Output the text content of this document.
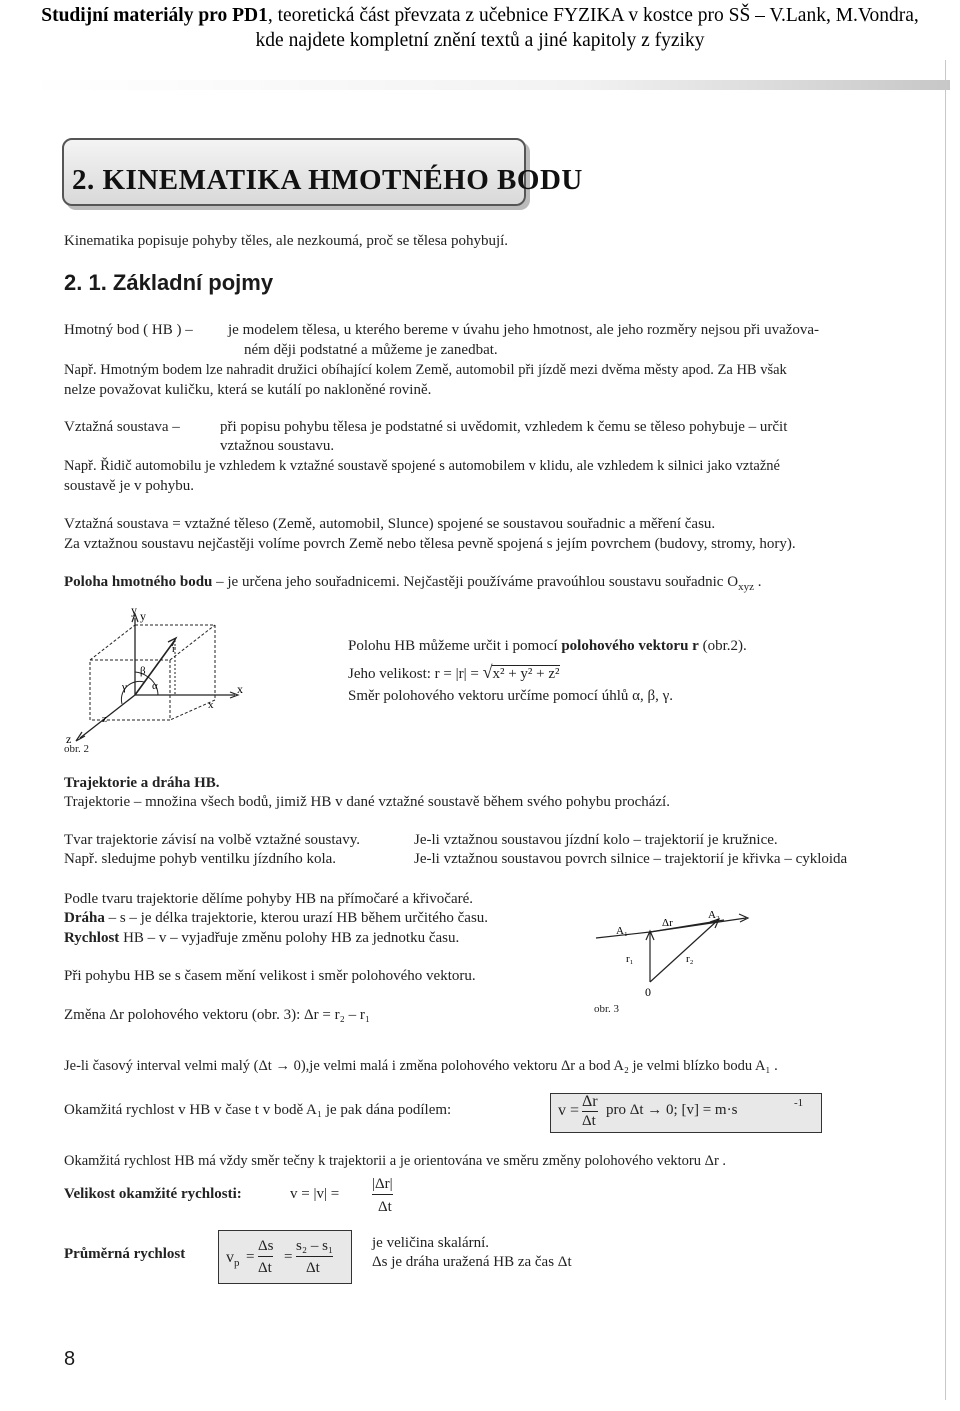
Studijní materiály pro PD1, teoretická část převzata z učebnice FYZIKA v kostce pro SŠ – V.Lank, M.Vondra,
kde najdete kompletní znění textů a jiné kapitoly z fyziky
2. KINEMATIKA HMOTNÉHO BODU
Kinematika popisuje pohyby těles, ale nezkoumá, proč se tělesa pohybují.
2. 1. Základní pojmy
Hmotný bod ( HB ) – je modelem tělesa, u kterého bereme v úvahu jeho hmotnost, ale jeho rozměry nejsou při uvažova-
ném ději podstatné a můžeme je zanedbat.
Např. Hmotným bodem lze nahradit družici obíhající kolem Země, automobil při jízdě mezi dvěma městy apod. Za HB však
nelze považovat kuličku, která se kutálí po nakloněné rovině.
Vztažná soustava –	při popisu pohybu tělesa je podstatné si uvědomit, vzhledem k čemu se těleso pohybuje – určit
vztažnou soustavu.
Např. Řidič automobilu je vzhledem k vztažné soustavě spojené s automobilem v klidu, ale vzhledem k silnici jako vztažné
soustavě je v pohybu.
Vztažná soustava = vztažné těleso (Země, automobil, Slunce) spojené se soustavou souřadnic a měření času.
Za vztažnou soustavu nejčastěji volíme povrch Země nebo tělesa pevně spojená s jejím povrchem (budovy, stromy, hory).
Poloha hmotného bodu – je určena jeho souřadnicemi. Nejčastěji používáme pravoúhlou soustavu souřadnic $O_{xyz}$ .
y y
x
x
z
z
r
α
β
γ
obr. 2
Polohu HB můžeme určit i pomocí polohového vektoru r (obr.2).
Jeho velikost: r = |r| = √x² + y² + z²
Směr polohového vektoru určíme pomocí úhlů α, β, γ.
Trajektorie a dráha HB.
Trajektorie – množina všech bodů, jimiž HB v dané vztažné soustavě během svého pohybu prochází.
Tvar trajektorie závisí na volbě vztažné soustavy.	Je-li vztažnou soustavou jízdní kolo – trajektorií je kružnice.
Např. sledujme pohyb ventilku jízdního kola.	Je-li vztažnou soustavou povrch silnice – trajektorií je křivka – cykloida
Podle tvaru trajektorie dělíme pohyby HB na přímočaré a křivočaré.
Dráha – s – je délka trajektorie, kterou urazí HB během určitého času.
Rychlost HB – v – vyjadřuje změnu polohy HB za jednotku času.
Při pohybu HB se s časem mění velikost i směr polohového vektoru.
Změna Δr polohového vektoru (obr. 3): Δr = r₂ – r₁
A₁
A₂
Δr
r₁	r₂
0
obr. 3
Je-li časový interval velmi malý (Δt → 0),je velmi malá i změna polohového vektoru Δr a bod A₂ je velmi blízko bodu A₁ .
Okamžitá rychlost v HB v čase t v bodě A₁ je pak dána podílem:	v =
Δr
Δt
pro Δt → 0; [v] = m·s	-1
Okamžitá rychlost HB má vždy směr tečny k trajektorii a je orientována ve směru změny polohového vektoru Δr .
Velikost okamžité rychlosti:	v = |v| =
|Δr|
Δt
Průměrná rychlost	$v_p$ =
Δs
Δt
=
s₂ – s₁
Δt
je veličina skalární.
Δs je dráha uražená HB za čas Δt
8
